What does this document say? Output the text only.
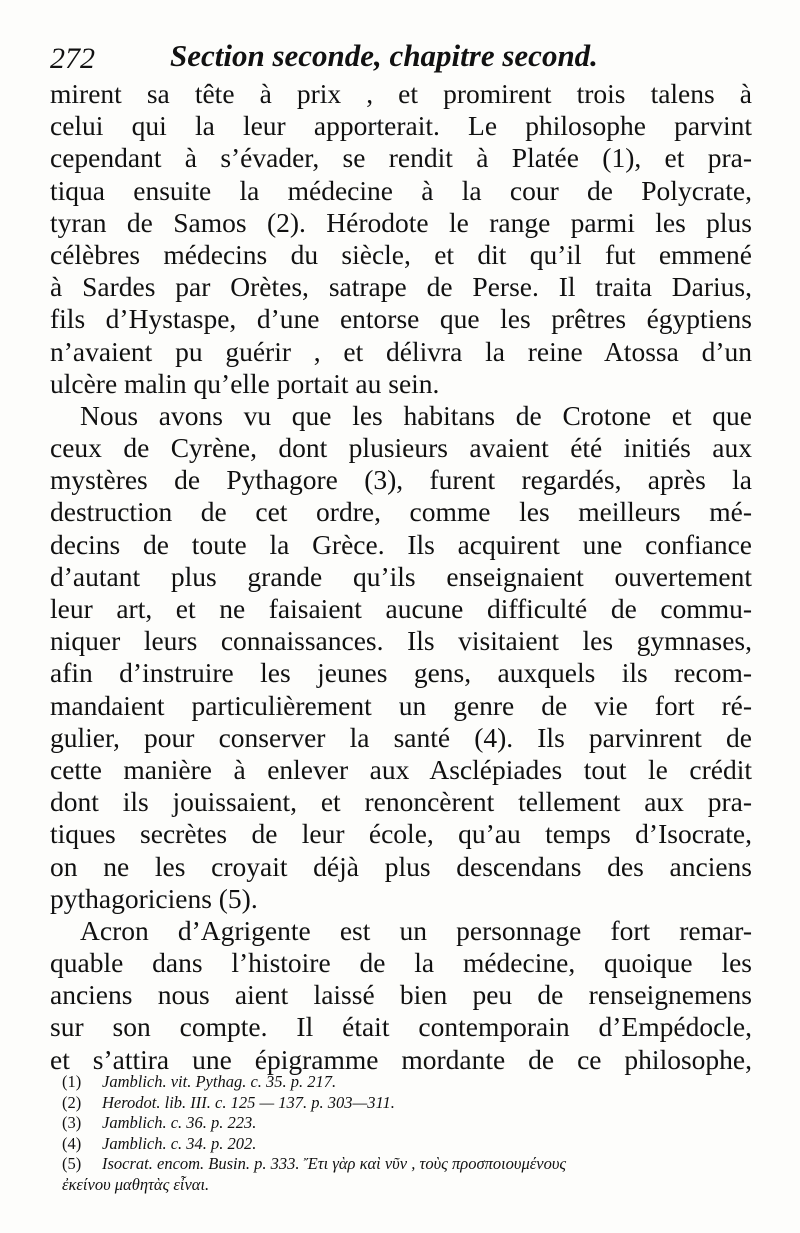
272 Section seconde, chapitre second.
mirent sa tête à prix , et promirent trois talens à
celui qui la leur apporterait. Le philosophe parvint
cependant à s’évader, se rendit à Platée (1), et pra-
tiqua ensuite la médecine à la cour de Polycrate,
tyran de Samos (2). Hérodote le range parmi les plus
célèbres médecins du siècle, et dit qu’il fut emmené
à Sardes par Orètes, satrape de Perse. Il traita Darius,
fils d’Hystaspe, d’une entorse que les prêtres égyptiens
n’avaient pu guérir , et délivra la reine Atossa d’un
ulcère malin qu’elle portait au sein.
Nous avons vu que les habitans de Crotone et que
ceux de Cyrène, dont plusieurs avaient été initiés aux
mystères de Pythagore (3), furent regardés, après la
destruction de cet ordre, comme les meilleurs mé-
decins de toute la Grèce. Ils acquirent une confiance
d’autant plus grande qu’ils enseignaient ouvertement
leur art, et ne faisaient aucune difficulté de commu-
niquer leurs connaissances. Ils visitaient les gymnases,
afin d’instruire les jeunes gens, auxquels ils recom-
mandaient particulièrement un genre de vie fort ré-
gulier, pour conserver la santé (4). Ils parvinrent de
cette manière à enlever aux Asclépiades tout le crédit
dont ils jouissaient, et renoncèrent tellement aux pra-
tiques secrètes de leur école, qu’au temps d’Isocrate,
on ne les croyait déjà plus descendans des anciens
pythagoriciens (5).
Acron d’Agrigente est un personnage fort remar-
quable dans l’histoire de la médecine, quoique les
anciens nous aient laissé bien peu de renseignemens
sur son compte. Il était contemporain d’Empédocle,
et s’attira une épigramme mordante de ce philosophe,
(1) Jamblich. vit. Pythag. c. 35. p. 217.
(2) Herodot. lib. III. c. 125 — 137. p. 303—311.
(3) Jamblich. c. 36. p. 223.
(4) Jamblich. c. 34. p. 202.
(5) Isocrat. encom. Busin. p. 333. Ἔτι γὰρ καὶ νῦν , τοὺς προσποιουμένους
ἐκείνου μαθητὰς εἶναι.
